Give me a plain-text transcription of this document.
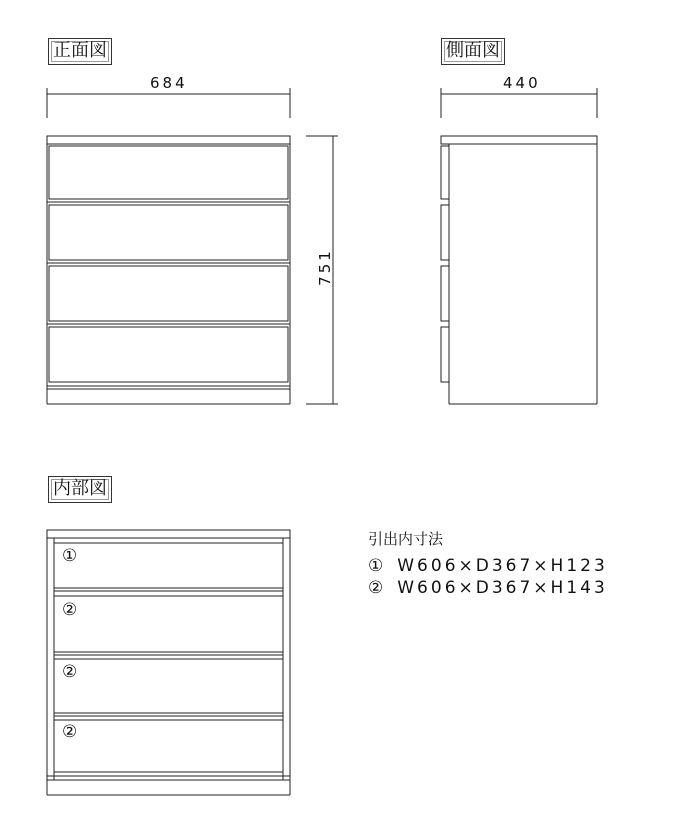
正面図	側面図
内部図
684	440
751
①
②
②
②
引出内寸法
① W606×D367×H123
② W606×D367×H143
